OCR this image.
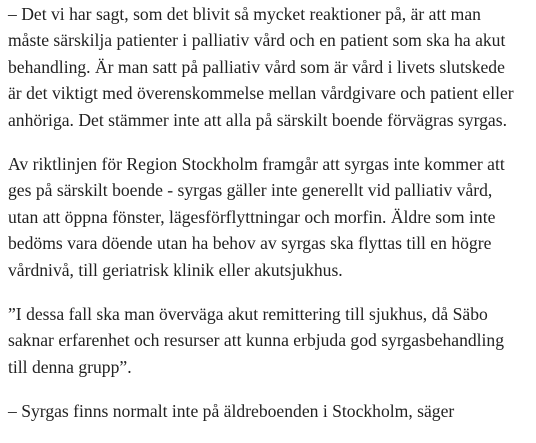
– Det vi har sagt, som det blivit så mycket reaktioner på, är att man
måste särskilja patienter i palliativ vård och en patient som ska ha akut
behandling. Är man satt på palliativ vård som är vård i livets slutskede
är det viktigt med överenskommelse mellan vårdgivare och patient eller
anhöriga. Det stämmer inte att alla på särskilt boende förvägras syrgas.

Av riktlinjen för Region Stockholm framgår att syrgas inte kommer att
ges på särskilt boende - syrgas gäller inte generellt vid palliativ vård,
utan att öppna fönster, lägesförflyttningar och morfin. Äldre som inte
bedöms vara döende utan ha behov av syrgas ska flyttas till en högre
vårdnivå, till geriatrisk klinik eller akutsjukhus.

”I dessa fall ska man överväga akut remittering till sjukhus, då Säbo
saknar erfarenhet och resurser att kunna erbjuda god syrgasbehandling
till denna grupp”.

– Syrgas finns normalt inte på äldreboenden i Stockholm, säger
